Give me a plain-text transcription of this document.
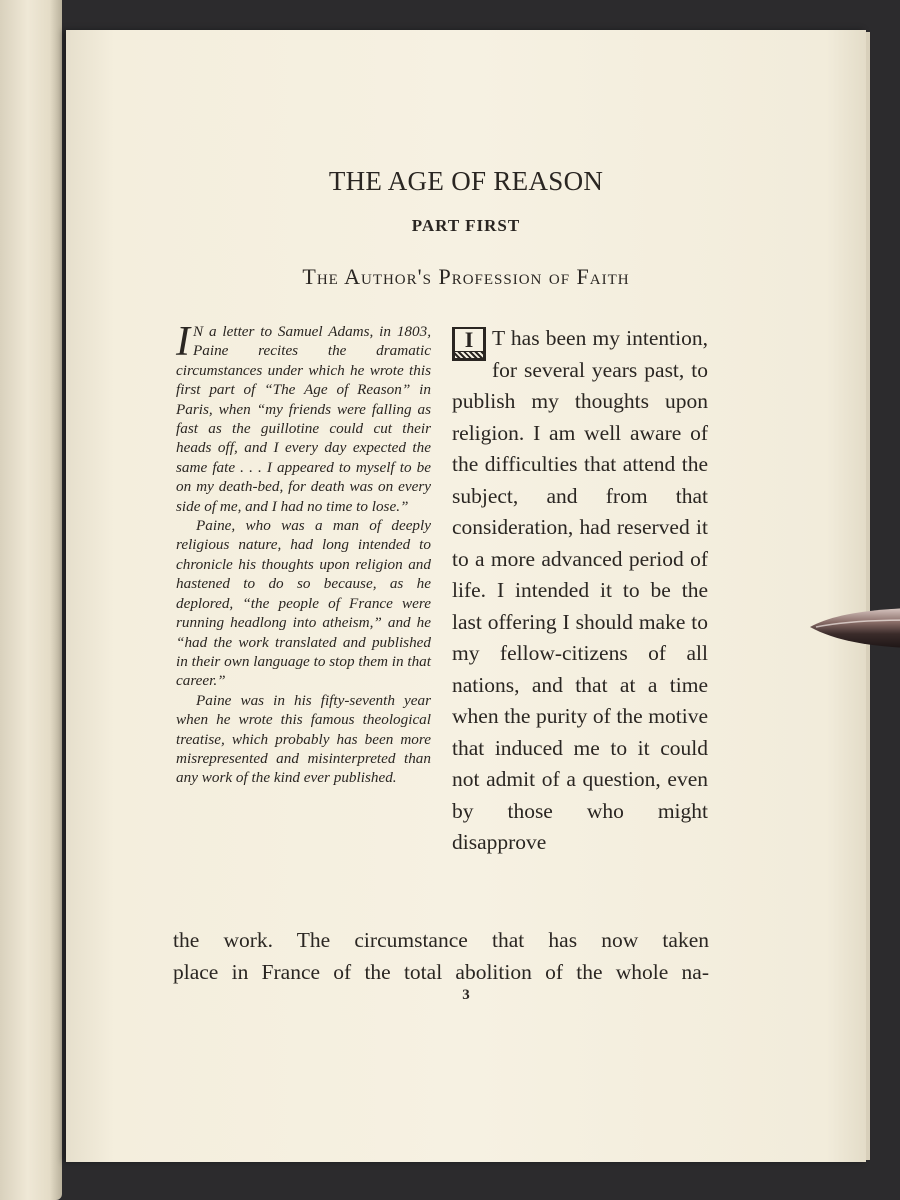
THE AGE OF REASON
PART FIRST
The Author's Profession of Faith

I N a letter to Samuel Adams, in 1803, Paine recites the dramatic circumstances under which he wrote this first part of “The Age of Reason” in Paris, when “my friends were falling as fast as the guillotine could cut their heads off, and I every day expected the same fate . . . I appeared to myself to be on my death-bed, for death was on every side of me, and I had no time to lose.”

Paine, who was a man of deeply religious nature, had long intended to chronicle his thoughts upon religion and hastened to do so because, as he deplored, “the people of France were running headlong into atheism,” and he “had the work translated and published in their own language to stop them in that career.”

Paine was in his fifty-seventh year when he wrote this famous theological treatise, which probably has been more misrepresented and misinterpreted than any work of the kind ever published.

I T has been my intention, for several years past, to publish my thoughts upon religion. I am well aware of the difficulties that attend the subject, and from that consideration, had reserved it to a more advanced period of life. I intended it to be the last offering I should make to my fellow-citizens of all nations, and that at a time when the purity of the motive that induced me to it could not admit of a question, even by those who might disapprove
the work. The circumstance that has now taken
place in France of the total abolition of the whole na-
3
